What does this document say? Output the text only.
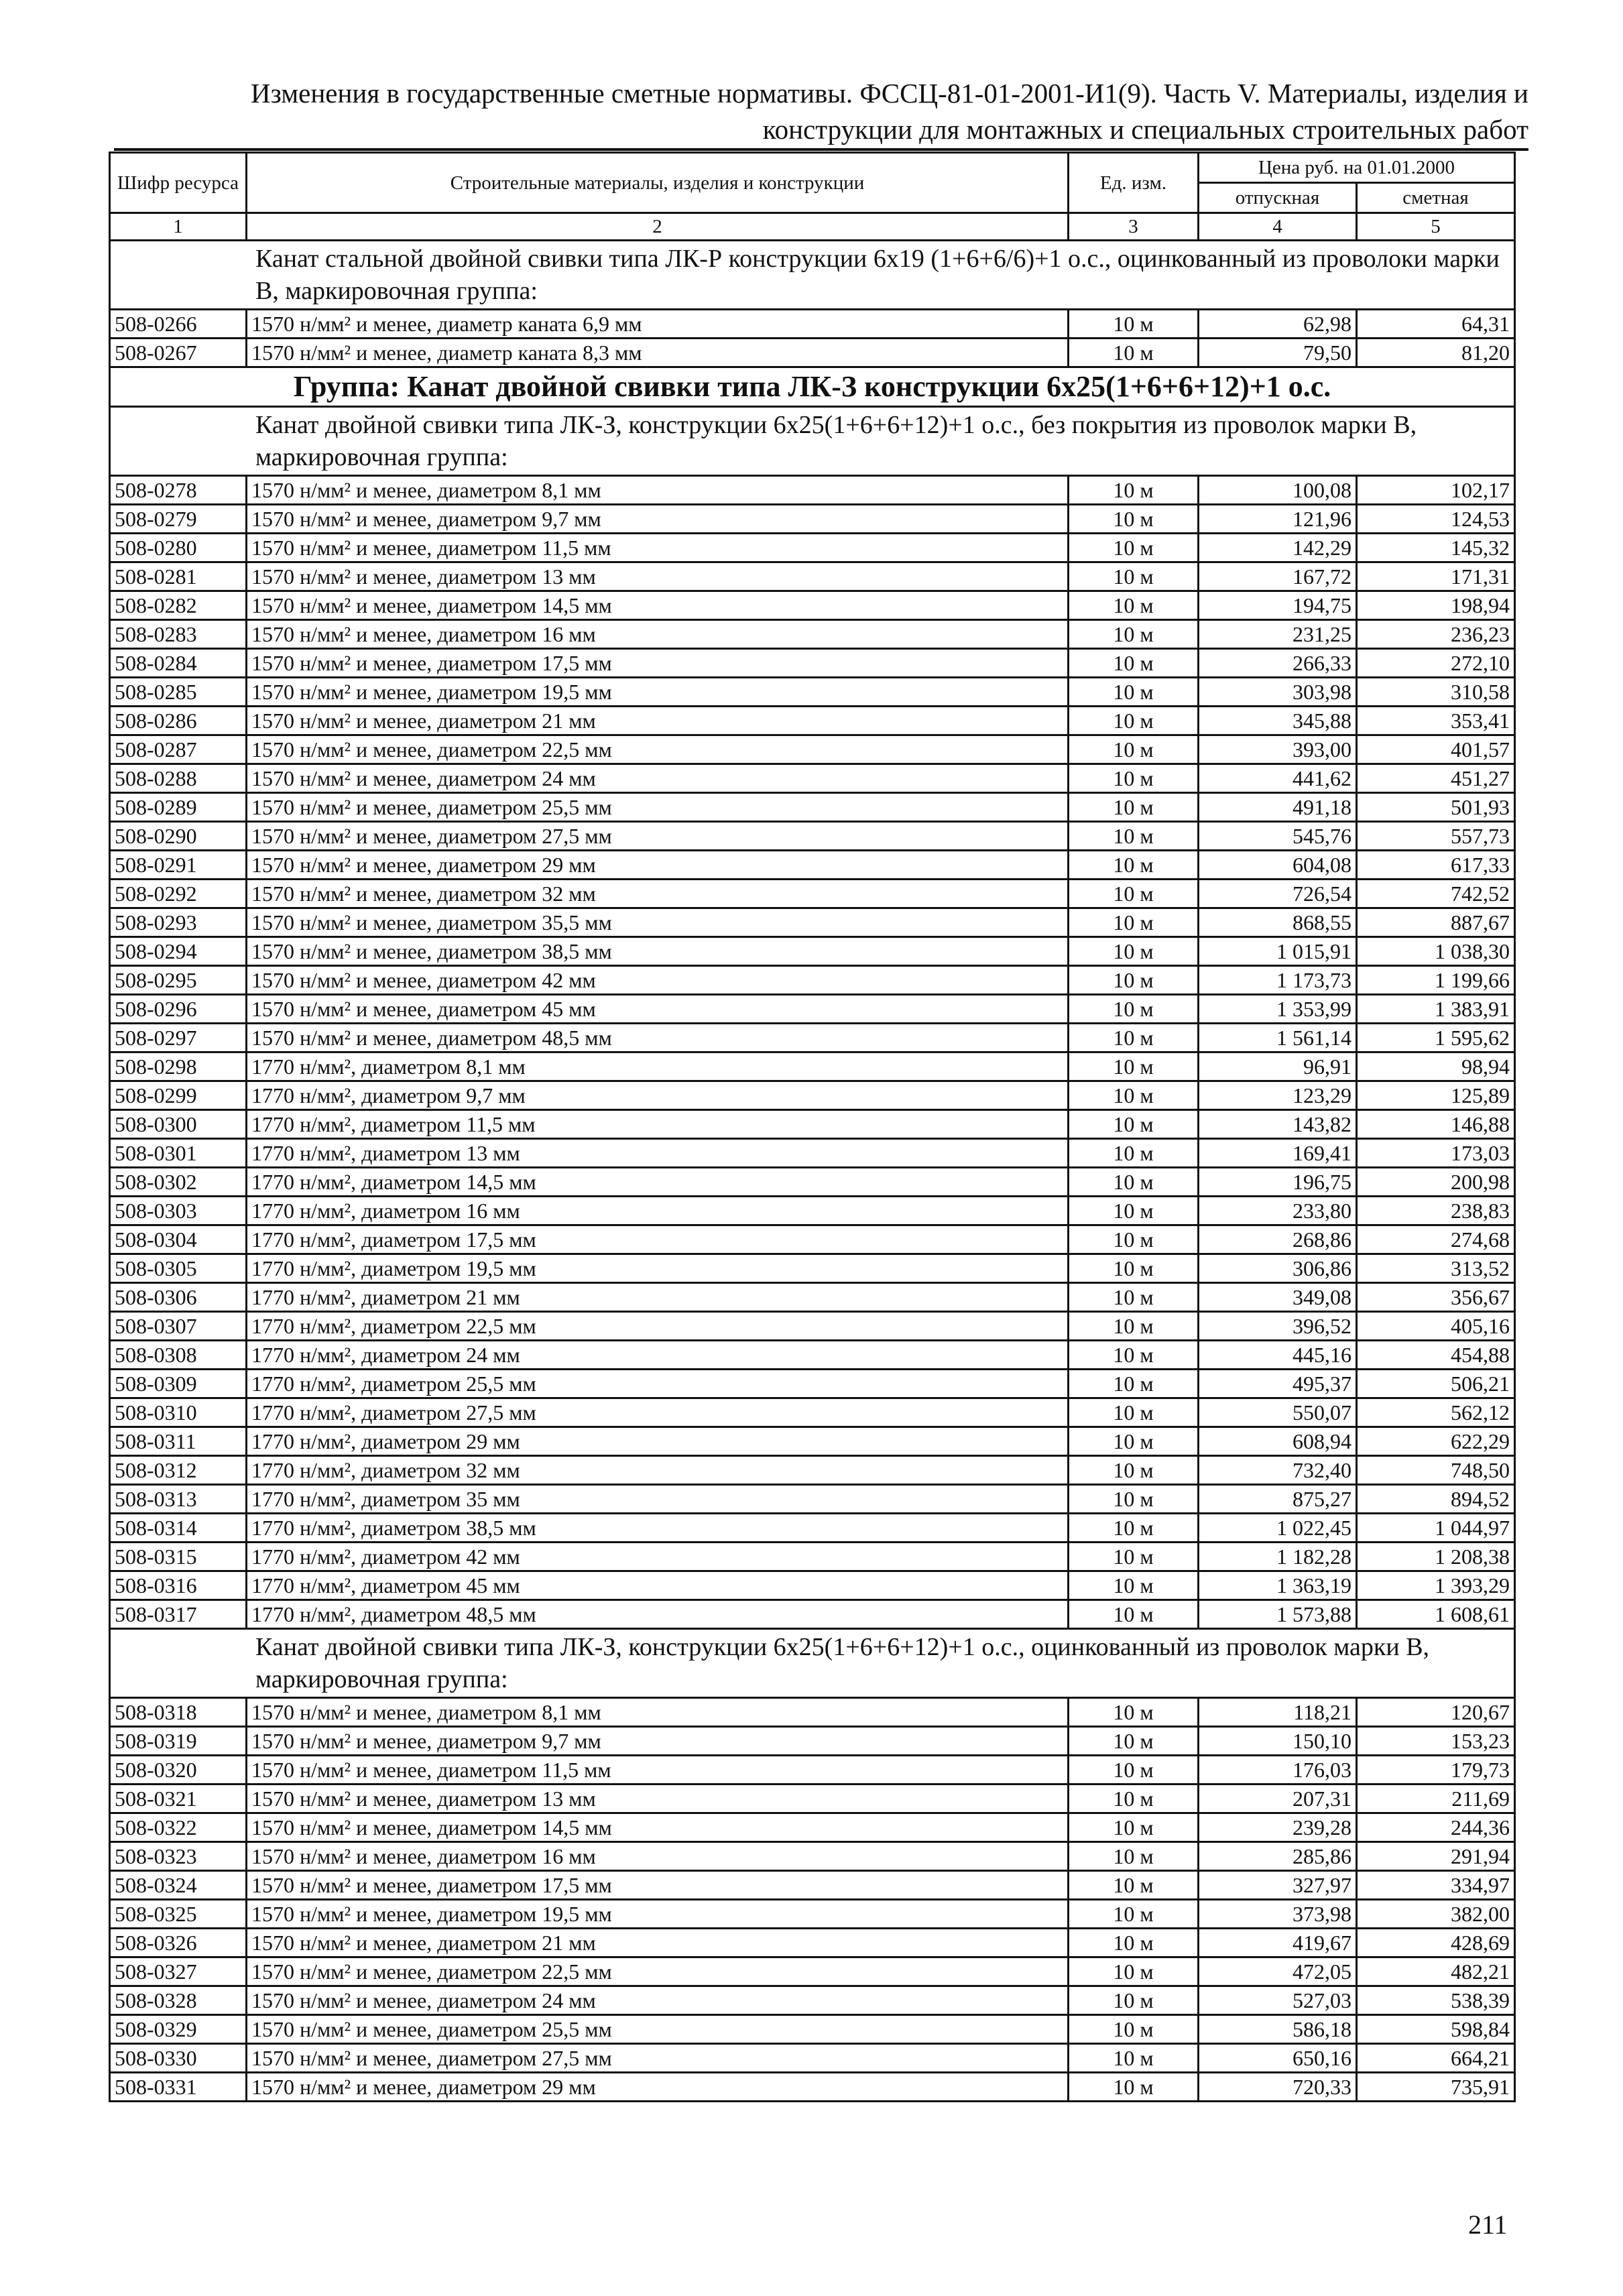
Изменения в государственные сметные нормативы. ФССЦ-81-01-2001-И1(9). Часть V. Материалы, изделия и
конструкции для монтажных и специальных строительных работ
Шифр ресурса	Строительные материалы, изделия и конструкции	Ед. изм.	Цена руб. на 01.01.2000	
			отпускная	сметная
1	2	3	4	5
Канат стальной двойной свивки типа ЛК-Р конструкции 6х19 (1+6+6/6)+1 о.с., оцинкованный из проволоки марки В, маркировочная группа:				
508-0266	1570 н/мм² и менее, диаметр каната 6,9 мм	10 м	62,98	64,31
508-0267	1570 н/мм² и менее, диаметр каната 8,3 мм	10 м	79,50	81,20
Группа: Канат двойной свивки типа ЛК-З конструкции 6х25(1+6+6+12)+1 о.с.				
Канат двойной свивки типа ЛК-З, конструкции 6х25(1+6+6+12)+1 о.с., без покрытия из проволок марки В, маркировочная группа:				
508-0278	1570 н/мм² и менее, диаметром 8,1 мм	10 м	100,08	102,17
508-0279	1570 н/мм² и менее, диаметром 9,7 мм	10 м	121,96	124,53
508-0280	1570 н/мм² и менее, диаметром 11,5 мм	10 м	142,29	145,32
508-0281	1570 н/мм² и менее, диаметром 13 мм	10 м	167,72	171,31
508-0282	1570 н/мм² и менее, диаметром 14,5 мм	10 м	194,75	198,94
508-0283	1570 н/мм² и менее, диаметром 16 мм	10 м	231,25	236,23
508-0284	1570 н/мм² и менее, диаметром 17,5 мм	10 м	266,33	272,10
508-0285	1570 н/мм² и менее, диаметром 19,5 мм	10 м	303,98	310,58
508-0286	1570 н/мм² и менее, диаметром 21 мм	10 м	345,88	353,41
508-0287	1570 н/мм² и менее, диаметром 22,5 мм	10 м	393,00	401,57
508-0288	1570 н/мм² и менее, диаметром 24 мм	10 м	441,62	451,27
508-0289	1570 н/мм² и менее, диаметром 25,5 мм	10 м	491,18	501,93
508-0290	1570 н/мм² и менее, диаметром 27,5 мм	10 м	545,76	557,73
508-0291	1570 н/мм² и менее, диаметром 29 мм	10 м	604,08	617,33
508-0292	1570 н/мм² и менее, диаметром 32 мм	10 м	726,54	742,52
508-0293	1570 н/мм² и менее, диаметром 35,5 мм	10 м	868,55	887,67
508-0294	1570 н/мм² и менее, диаметром 38,5 мм	10 м	1 015,91	1 038,30
508-0295	1570 н/мм² и менее, диаметром 42 мм	10 м	1 173,73	1 199,66
508-0296	1570 н/мм² и менее, диаметром 45 мм	10 м	1 353,99	1 383,91
508-0297	1570 н/мм² и менее, диаметром 48,5 мм	10 м	1 561,14	1 595,62
508-0298	1770 н/мм², диаметром 8,1 мм	10 м	96,91	98,94
508-0299	1770 н/мм², диаметром 9,7 мм	10 м	123,29	125,89
508-0300	1770 н/мм², диаметром 11,5 мм	10 м	143,82	146,88
508-0301	1770 н/мм², диаметром 13 мм	10 м	169,41	173,03
508-0302	1770 н/мм², диаметром 14,5 мм	10 м	196,75	200,98
508-0303	1770 н/мм², диаметром 16 мм	10 м	233,80	238,83
508-0304	1770 н/мм², диаметром 17,5 мм	10 м	268,86	274,68
508-0305	1770 н/мм², диаметром 19,5 мм	10 м	306,86	313,52
508-0306	1770 н/мм², диаметром 21 мм	10 м	349,08	356,67
508-0307	1770 н/мм², диаметром 22,5 мм	10 м	396,52	405,16
508-0308	1770 н/мм², диаметром 24 мм	10 м	445,16	454,88
508-0309	1770 н/мм², диаметром 25,5 мм	10 м	495,37	506,21
508-0310	1770 н/мм², диаметром 27,5 мм	10 м	550,07	562,12
508-0311	1770 н/мм², диаметром 29 мм	10 м	608,94	622,29
508-0312	1770 н/мм², диаметром 32 мм	10 м	732,40	748,50
508-0313	1770 н/мм², диаметром 35 мм	10 м	875,27	894,52
508-0314	1770 н/мм², диаметром 38,5 мм	10 м	1 022,45	1 044,97
508-0315	1770 н/мм², диаметром 42 мм	10 м	1 182,28	1 208,38
508-0316	1770 н/мм², диаметром 45 мм	10 м	1 363,19	1 393,29
508-0317	1770 н/мм², диаметром 48,5 мм	10 м	1 573,88	1 608,61
Канат двойной свивки типа ЛК-З, конструкции 6х25(1+6+6+12)+1 о.с., оцинкованный из проволок марки В, маркировочная группа:				
508-0318	1570 н/мм² и менее, диаметром 8,1 мм	10 м	118,21	120,67
508-0319	1570 н/мм² и менее, диаметром 9,7 мм	10 м	150,10	153,23
508-0320	1570 н/мм² и менее, диаметром 11,5 мм	10 м	176,03	179,73
508-0321	1570 н/мм² и менее, диаметром 13 мм	10 м	207,31	211,69
508-0322	1570 н/мм² и менее, диаметром 14,5 мм	10 м	239,28	244,36
508-0323	1570 н/мм² и менее, диаметром 16 мм	10 м	285,86	291,94
508-0324	1570 н/мм² и менее, диаметром 17,5 мм	10 м	327,97	334,97
508-0325	1570 н/мм² и менее, диаметром 19,5 мм	10 м	373,98	382,00
508-0326	1570 н/мм² и менее, диаметром 21 мм	10 м	419,67	428,69
508-0327	1570 н/мм² и менее, диаметром 22,5 мм	10 м	472,05	482,21
508-0328	1570 н/мм² и менее, диаметром 24 мм	10 м	527,03	538,39
508-0329	1570 н/мм² и менее, диаметром 25,5 мм	10 м	586,18	598,84
508-0330	1570 н/мм² и менее, диаметром 27,5 мм	10 м	650,16	664,21
508-0331	1570 н/мм² и менее, диаметром 29 мм	10 м	720,33	735,91
211
